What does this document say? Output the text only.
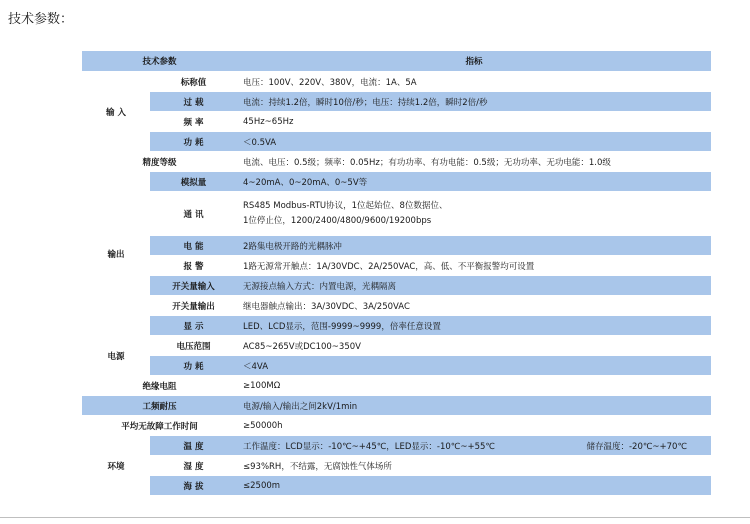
技术参数：
技术参数		指标
输 入	标称值	电压：100V、220V、380V，电流：1A、5A
	过 载	电流：持续1.2倍，瞬时10倍/秒；电压：持续1.2倍，瞬时2倍/秒
	频 率	45Hz~65Hz
	功 耗	＜0.5VA
精度等级		电流、电压：0.5级；频率：0.05Hz；有功功率、有功电能：0.5级；无功功率、无功电能：1.0级
输出	模拟量	4~20mA、0~20mA、0~5V等
	通 讯	RS485 Modbus-RTU协议，1位起始位、8位数据位、
1位停止位，1200/2400/4800/9600/19200bps

	电 能	2路集电极开路的光耦脉冲
	报 警	1路无源常开触点：1A/30VDC、2A/250VAC，高、低、不平衡报警均可设置
	开关量输入	无源接点输入方式：内置电源，光耦隔离
	开关量输出	继电器触点输出：3A/30VDC、3A/250VAC
	显 示	LED、LCD显示，范围-9999~9999，倍率任意设置
电源	电压范围	AC85~265V或DC100~350V
	功 耗	＜4VA
绝缘电阻		≥100MΩ
工频耐压		电源/输入/输出之间2kV/1min
平均无故障工作时间		≥50000h
环境	温 度	工作温度：LCD显示：-10℃~+45℃，LED显示：-10℃~+55℃ 储存温度：-20℃~+70℃

	湿 度	≤93%RH，不结露，无腐蚀性气体场所
	海 拔	≤2500m
